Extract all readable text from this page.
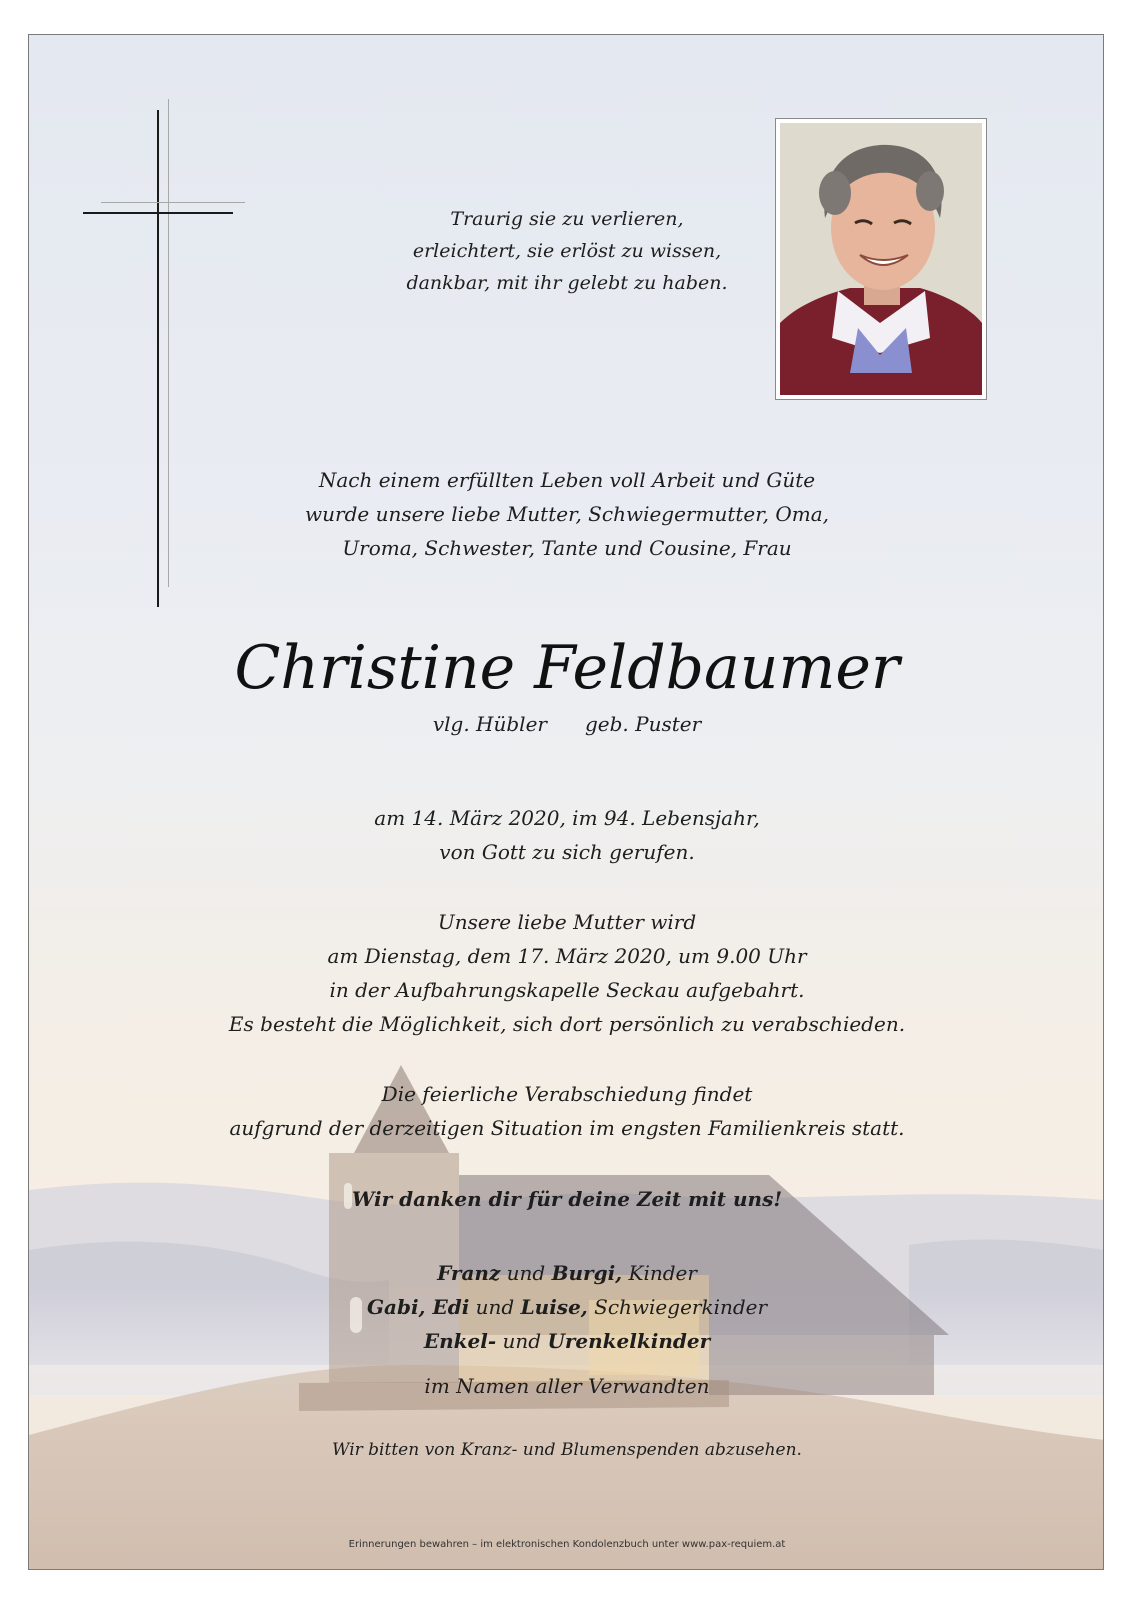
Traurig sie zu verlieren,
erleichtert, sie erlöst zu wissen,
dankbar, mit ihr gelebt zu haben.
Nach einem erfüllten Leben voll Arbeit und Güte
wurde unsere liebe Mutter, Schwiegermutter, Oma,
Uroma, Schwester, Tante und Cousine, Frau
Christine Feldbaumer
vlg. Hübler geb. Puster
am 14. März 2020, im 94. Lebensjahr,
von Gott zu sich gerufen.
Unsere liebe Mutter wird
am Dienstag, dem 17. März 2020, um 9.00 Uhr
in der Aufbahrungskapelle Seckau aufgebahrt.
Es besteht die Möglichkeit, sich dort persönlich zu verabschieden.
Die feierliche Verabschiedung findet
aufgrund der derzeitigen Situation im engsten Familienkreis statt.
Wir danken dir für deine Zeit mit uns!
Franz und Burgi, Kinder
Gabi, Edi und Luise, Schwiegerkinder
Enkel- und Urenkelkinder
im Namen aller Verwandten
Wir bitten von Kranz- und Blumenspenden abzusehen.
Erinnerungen bewahren – im elektronischen Kondolenzbuch unter www.pax-requiem.at
